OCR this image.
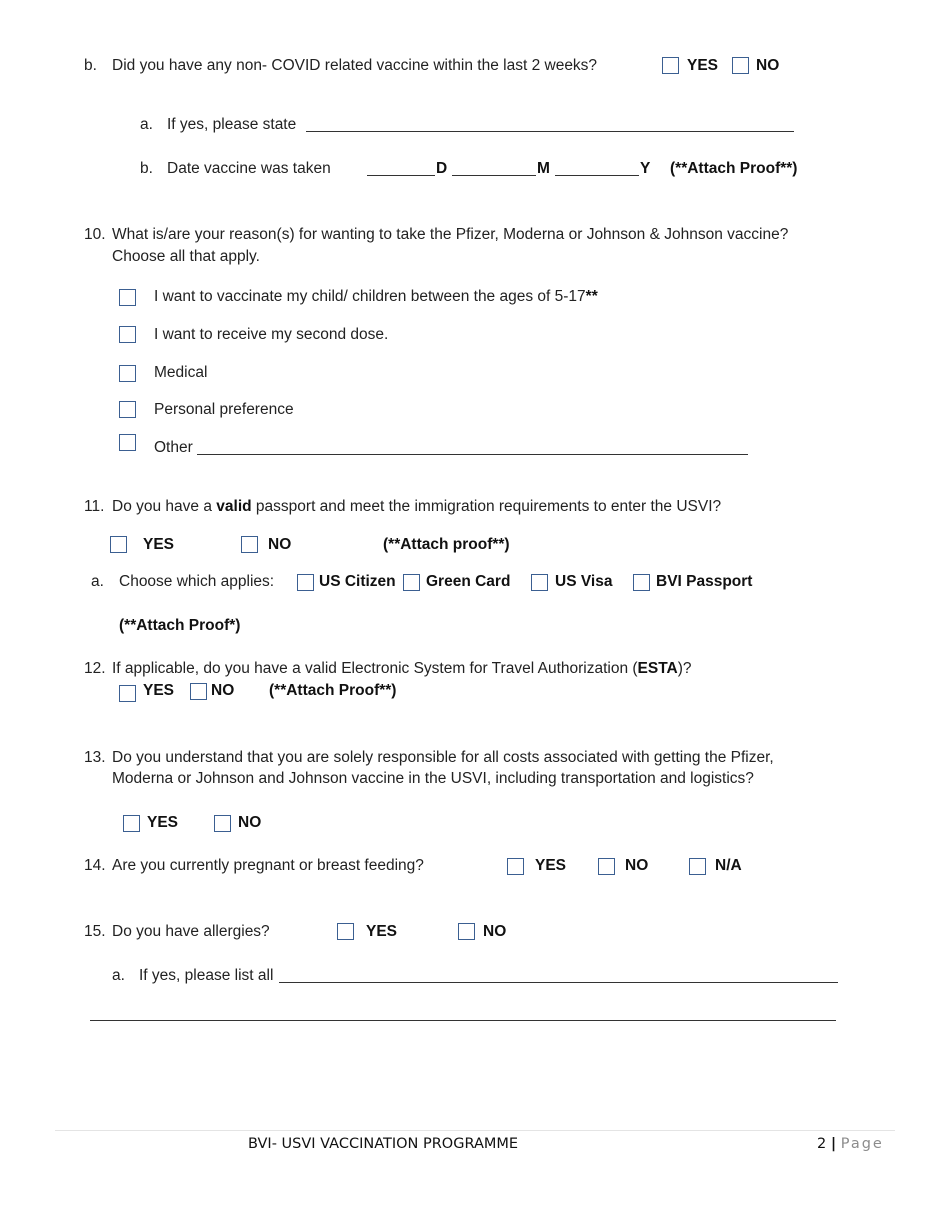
b. Did you have any non- COVID related vaccine within the last 2 weeks?	YES NO
a. If yes, please state
b. Date vaccine was taken	D	M	Y (**Attach Proof**)
10. What is/are your reason(s) for wanting to take the Pfizer, Moderna or Johnson & Johnson vaccine?
Choose all that apply.
I want to vaccinate my child/ children between the ages of 5-17**
I want to receive my second dose.
Medical
Personal preference
Other
11. Do you have a valid passport and meet the immigration requirements to enter the USVI?
YES	NO	(**Attach proof**)
a. Choose which applies:	US Citizen Green Card	US Visa	BVI Passport
(**Attach Proof*)
12. If applicable, do you have a valid Electronic System for Travel Authorization (ESTA)?
YES NO (**Attach Proof**)
13. Do you understand that you are solely responsible for all costs associated with getting the Pfizer,
Moderna or Johnson and Johnson vaccine in the USVI, including transportation and logistics?
YES	NO
14. Are you currently pregnant or breast feeding?	YES	NO	N/A
15. Do you have allergies?	YES	NO
a. If yes, please list all
BVI- USVI VACCINATION PROGRAMME	2 | Page
